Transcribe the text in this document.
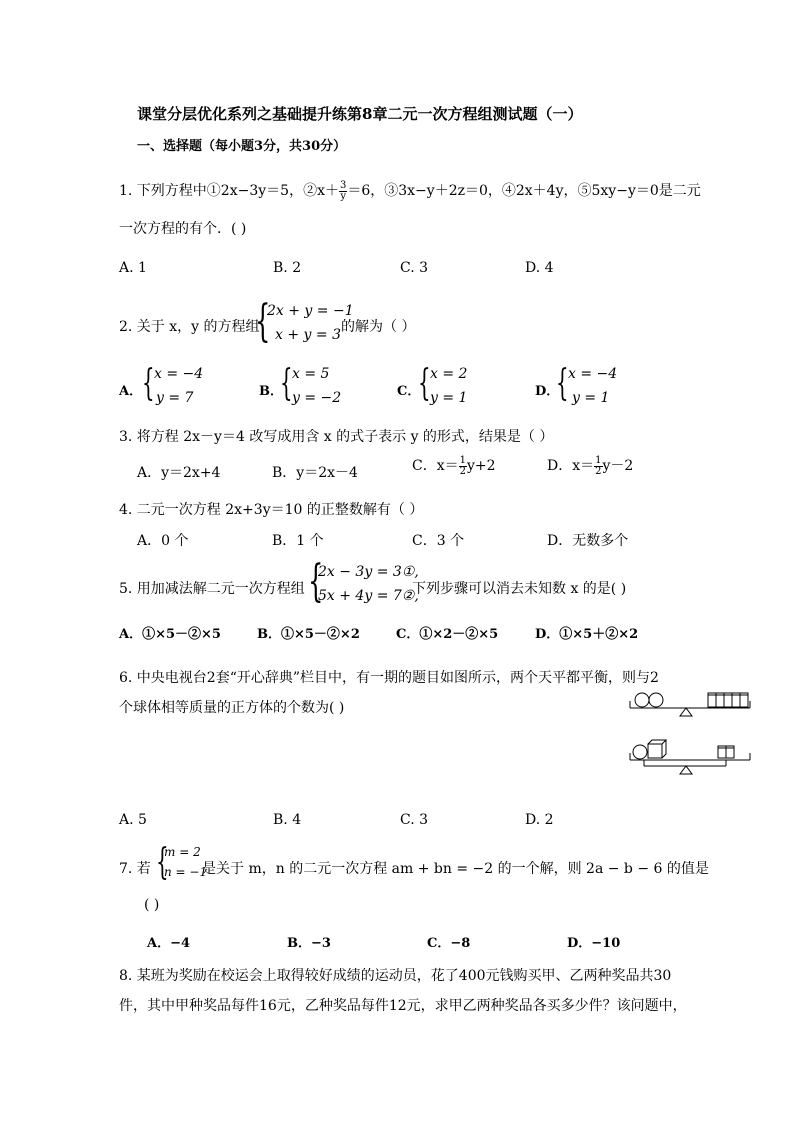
课堂分层优化系列之基础提升练第8章二元一次方程组测试题（一）
一、选择题（每小题3分，共30分）
1. 下列方程中①2x−3y＝5，②x＋ $\frac{3}{y} =6$，③3x−y＋2z＝0，④2x＋4y，⑤5xy−y＝0是二元
一次方程的有个．( )
A. 1	B. 2	C. 3	D. 4
2. 关于 x，y 的方程组
{
2x + y = −1
x + y = 3 的解为（ ）
A． { x = −4
y = 7	B．
{ x = 5
y = −2	C．
{ x = 2
y = 1	D．
{ x = −4
y = 1
3. 将方程 2x－y＝4 改写成用含 x 的式子表示 y 的形式，结果是（ ）
A．y＝2x+4	B．y＝2x－4	C．$x= \frac{1}{2} y+2$	D．$x= \frac{1}{2} y-2$
4. 二元一次方程 2x+3y＝10 的正整数解有（ ）
A．0 个	B．1 个	C．3 个	D．无数多个
5. 用加减法解二元一次方程组 {
2x − 3y = 3①,
5x + 4y = 7②,
下列步骤可以消去未知数 x 的是( )
A．①×5－②×5	B．①×5－②×2	C．①×2－②×5	D．①×5＋②×2
6. 中央电视台2套“开心辞典”栏目中，有一期的题目如图所示，两个天平都平衡，则与2
个球体相等质量的正方体的个数为( )
A. 5	B. 4	C. 3	D. 2
7. 若 {
m = 2
n = −1
是关于 m，n 的二元一次方程 am + bn = −2 的一个解，则 2a − b − 6 的值是
( )
A．−4	B．−3	C．−8	D．−10
8. 某班为奖励在校运会上取得较好成绩的运动员，花了400元钱购买甲、乙两种奖品共30
件，其中甲种奖品每件16元，乙种奖品每件12元，求甲乙两种奖品各买多少件？该问题中，
